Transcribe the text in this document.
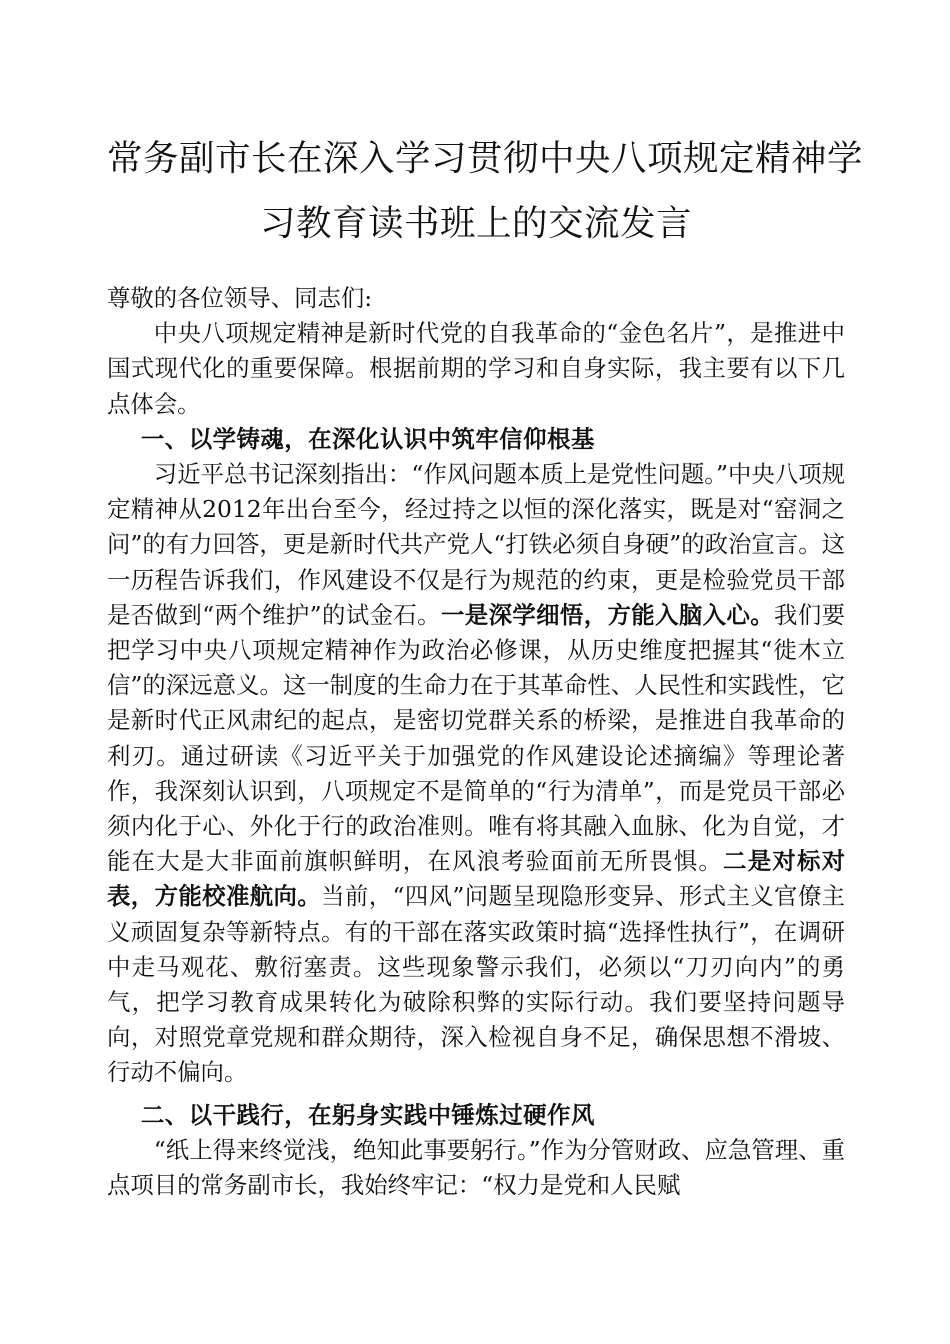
常务副市长在深入学习贯彻中央八项规定精神学
习教育读书班上的交流发言

尊敬的各位领导、同志们:

中央八项规定精神是新时代党的自我革命的“金色名片”，是推进中国式现代化的重要保障。根据前期的学习和自身实际，我主要有以下几点体会。

一、以学铸魂，在深化认识中筑牢信仰根基

习近平总书记深刻指出：“作风问题本质上是党性问题。”中央八项规定精神从2012年出台至今，经过持之以恒的深化落实，既是对“窑洞之问”的有力回答，更是新时代共产党人“打铁必须自身硬”的政治宣言。这一历程告诉我们，作风建设不仅是行为规范的约束，更是检验党员干部是否做到“两个维护”的试金石。一是深学细悟，方能入脑入心。我们要把学习中央八项规定精神作为政治必修课，从历史维度把握其“徙木立信”的深远意义。这一制度的生命力在于其革命性、人民性和实践性，它是新时代正风肃纪的起点，是密切党群关系的桥梁，是推进自我革命的利刃。通过研读《习近平关于加强党的作风建设论述摘编》等理论著作，我深刻认识到，八项规定不是简单的“行为清单”，而是党员干部必须内化于心、外化于行的政治准则。唯有将其融入血脉、化为自觉，才能在大是大非面前旗帜鲜明，在风浪考验面前无所畏惧。二是对标对表，方能校准航向。当前，“四风”问题呈现隐形变异、形式主义官僚主义顽固复杂等新特点。有的干部在落实政策时搞“选择性执行”，在调研中走马观花、敷衍塞责。这些现象警示我们，必须以“刀刃向内”的勇气，把学习教育成果转化为破除积弊的实际行动。我们要坚持问题导向，对照党章党规和群众期待，深入检视自身不足，确保思想不滑坡、行动不偏向。

二、以干践行，在躬身实践中锤炼过硬作风

“纸上得来终觉浅，绝知此事要躬行。”作为分管财政、应急管理、重点项目的常务副市长，我始终牢记：“权力是党和人民赋
